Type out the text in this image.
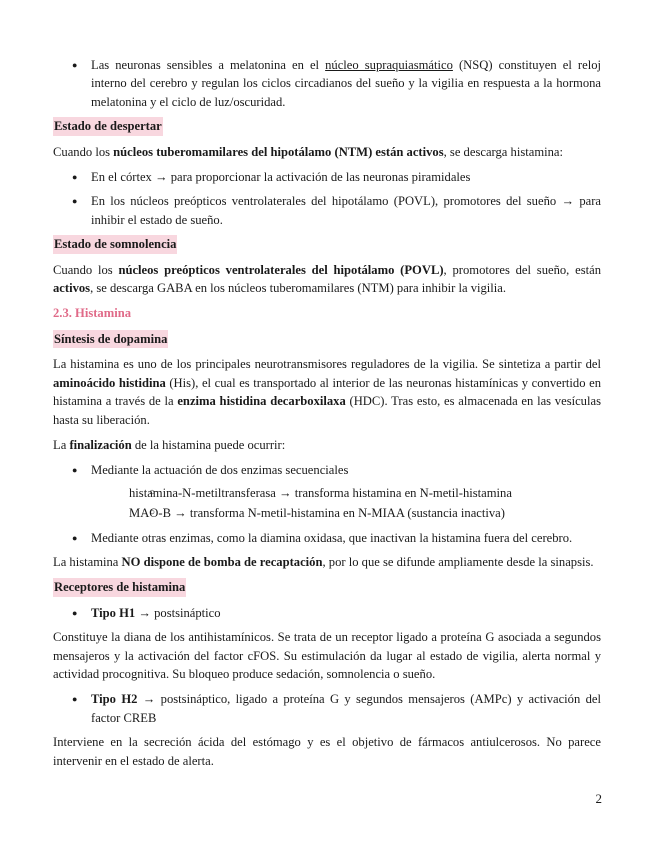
● Las neuronas sensibles a melatonina en el núcleo supraquiasmático (NSQ) constituyen el reloj interno del cerebro y regulan los ciclos circadianos del sueño y la vigilia en respuesta a la hormona melatonina y el ciclo de luz/oscuridad.
Estado de despertar

Cuando los núcleos tuberomamilares del hipotálamo (NTM) están activos, se descarga histamina:

● En el córtex → para proporcionar la activación de las neuronas piramidales
● En los núcleos preópticos ventrolaterales del hipotálamo (POVL), promotores del sueño → para inhibir el estado de sueño.
Estado de somnolencia

Cuando los núcleos preópticos ventrolaterales del hipotálamo (POVL), promotores del sueño, están activos, se descarga GABA en los núcleos tuberomamilares (NTM) para inhibir la vigilia.

2.3. Histamina
Síntesis de dopamina

La histamina es uno de los principales neurotransmisores reguladores de la vigilia. Se sintetiza a partir del aminoácido histidina (His), el cual es transportado al interior de las neuronas histamínicas y convertido en histamina a través de la enzima histidina decarboxilaxa (HDC). Tras esto, es almacenada en las vesículas hasta su liberación.

La finalización de la histamina puede ocurrir:

● Mediante la actuación de dos enzimas secuenciales
○ histamina-N-metiltransferasa → transforma histamina en N-metil-histamina
○ MAO-B → transforma N-metil-histamina en N-MIAA (sustancia inactiva)
● Mediante otras enzimas, como la diamina oxidasa, que inactivan la histamina fuera del cerebro.

La histamina NO dispone de bomba de recaptación, por lo que se difunde ampliamente desde la sinapsis.

Receptores de histamina
● Tipo H1 → postsináptico

Constituye la diana de los antihistamínicos. Se trata de un receptor ligado a proteína G asociada a segundos mensajeros y la activación del factor cFOS. Su estimulación da lugar al estado de vigilia, alerta normal y actividad procognitiva. Su bloqueo produce sedación, somnolencia o sueño.

● Tipo H2 → postsináptico, ligado a proteína G y segundos mensajeros (AMPc) y activación del factor CREB

Interviene en la secreción ácida del estómago y es el objetivo de fármacos antiulcerosos. No parece intervenir en el estado de alerta.

2
